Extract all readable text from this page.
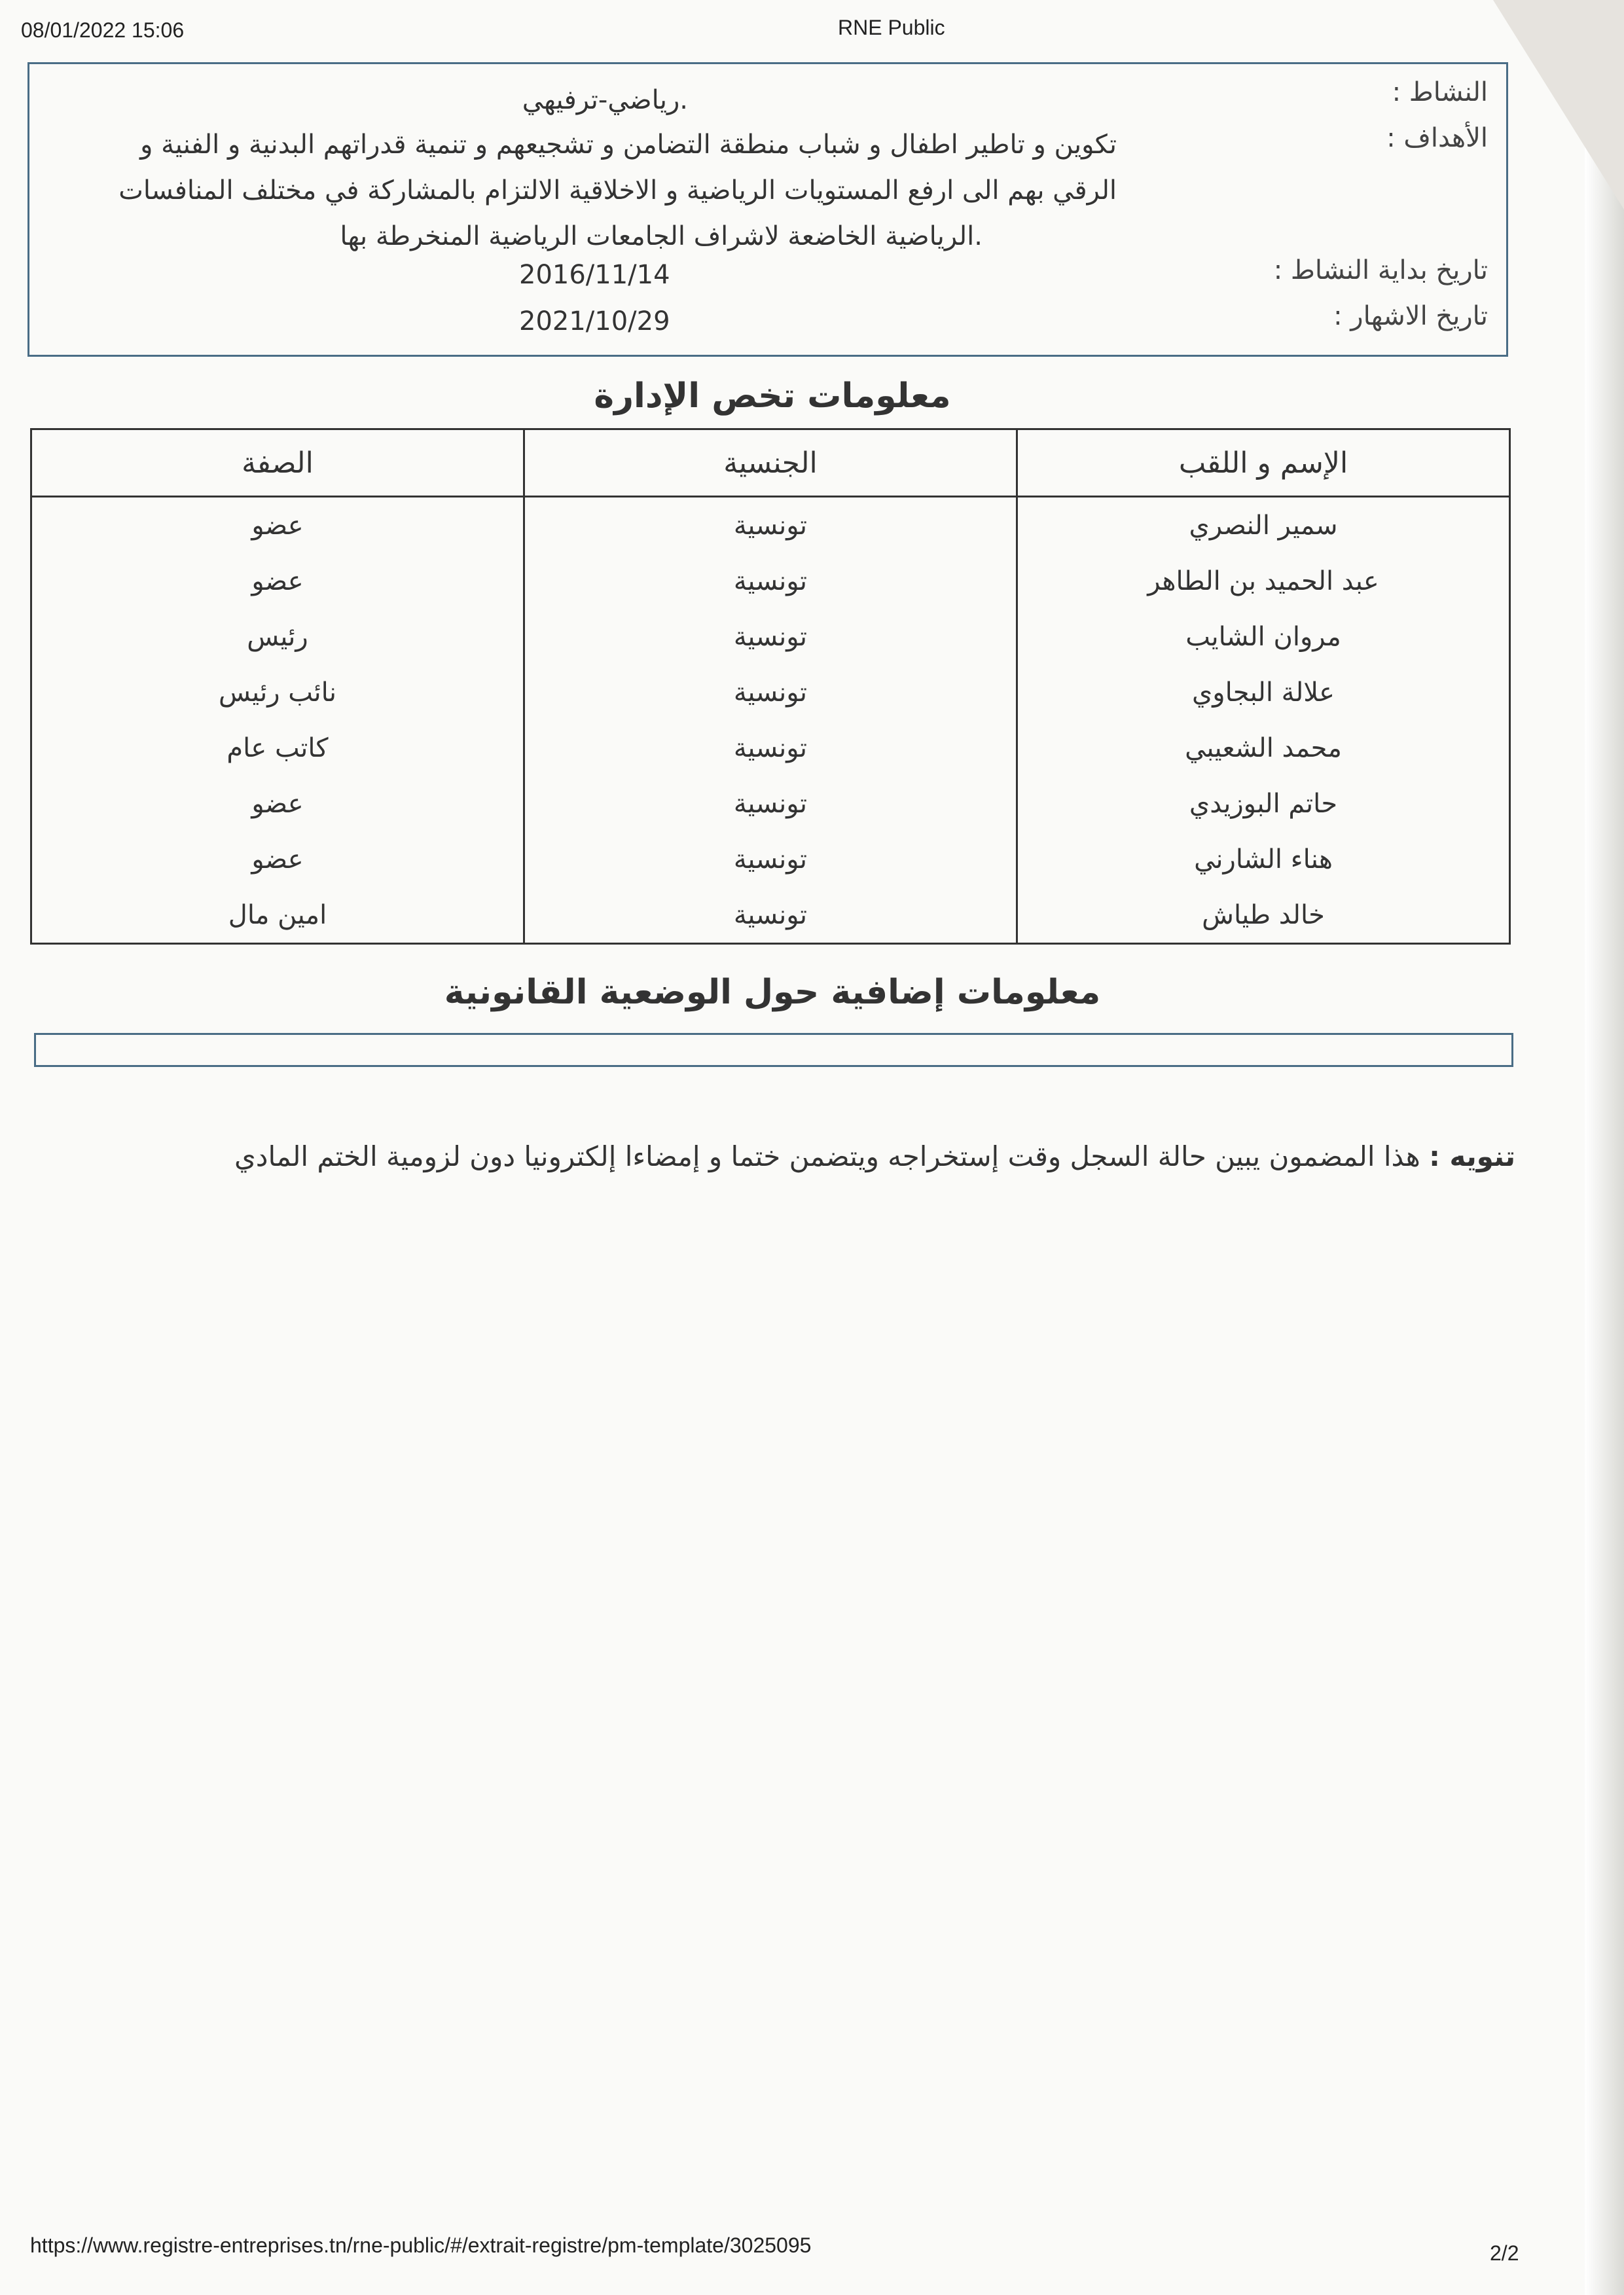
08/01/2022 15:06	RNE Public
النشاط :
.رياضي-ترفيهي
الأهداف :
تكوين و تاطير اطفال و شباب منطقة التضامن و تشجيعهم و تنمية قدراتهم البدنية و الفنية و
الرقي بهم الى ارفع المستويات الرياضية و الاخلاقية الالتزام بالمشاركة في مختلف المنافسات
.الرياضية الخاضعة لاشراف الجامعات الرياضية المنخرطة بها
تاريخ بداية النشاط :
2016/11/14
تاريخ الاشهار :
2021/10/29
معلومات تخص الإدارة
الإسم و اللقب	الجنسية	الصفة
سمير النصري	تونسية	عضو
عبد الحميد بن الطاهر	تونسية	عضو
مروان الشايب	تونسية	رئيس
علالة البجاوي	تونسية	نائب رئيس
محمد الشعيبي	تونسية	كاتب عام
حاتم البوزيدي	تونسية	عضو
هناء الشارني	تونسية	عضو
خالد طياش	تونسية	امين مال
معلومات إضافية حول الوضعية القانونية
تنويه : هذا المضمون يبين حالة السجل وقت إستخراجه ويتضمن ختما و إمضاءا إلكترونيا دون لزومية الختم المادي
https://www.registre-entreprises.tn/rne-public/#/extrait-registre/pm-template/3025095	2/2
